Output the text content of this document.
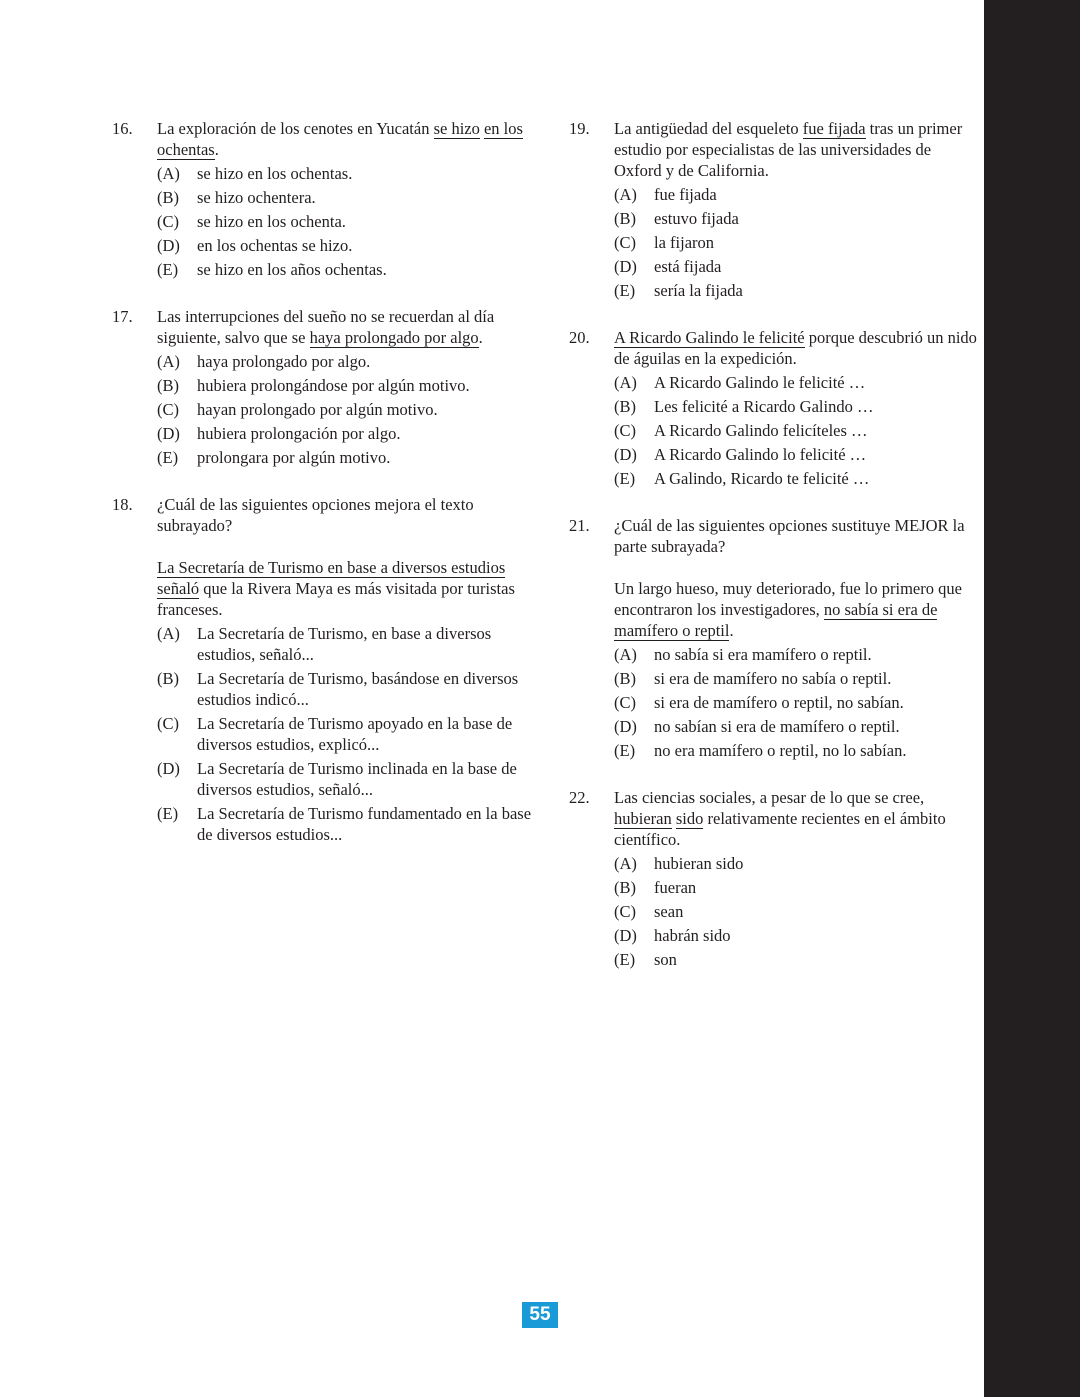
16. La exploración de los cenotes en Yucatán se hizo en los ochentas.

(A) se hizo en los ochentas.
(B) se hizo ochentera.
(C) se hizo en los ochenta.
(D) en los ochentas se hizo.
(E) se hizo en los años ochentas.
17. Las interrupciones del sueño no se recuerdan al día siguiente, salvo que se haya prolongado por algo.

(A) haya prolongado por algo.
(B) hubiera prolongándose por algún motivo.
(C) hayan prolongado por algún motivo.
(D) hubiera prolongación por algo.
(E) prolongara por algún motivo.
18. ¿Cuál de las siguientes opciones mejora el texto subrayado?

La Secretaría de Turismo en base a diversos estudios señaló que la Rivera Maya es más visitada por turistas franceses.

(A) La Secretaría de Turismo, en base a diversos estudios, señaló...
(B) La Secretaría de Turismo, basándose en diversos estudios indicó...
(C) La Secretaría de Turismo apoyado en la base de diversos estudios, explicó...
(D) La Secretaría de Turismo inclinada en la base de diversos estudios, señaló...
(E) La Secretaría de Turismo fundamentado en la base de diversos estudios...
19. La antigüedad del esqueleto fue fijada tras un primer estudio por especialistas de las universidades de Oxford y de California.

(A) fue fijada
(B) estuvo fijada
(C) la fijaron
(D) está fijada
(E) sería la fijada
20. A Ricardo Galindo le felicité porque descubrió un nido de águilas en la expedición.

(A) A Ricardo Galindo le felicité …
(B) Les felicité a Ricardo Galindo …
(C) A Ricardo Galindo felicíteles …
(D) A Ricardo Galindo lo felicité …
(E) A Galindo, Ricardo te felicité …
21. ¿Cuál de las siguientes opciones sustituye MEJOR la parte subrayada?

Un largo hueso, muy deteriorado, fue lo primero que encontraron los investigadores, no sabía si era de mamífero o reptil.

(A) no sabía si era mamífero o reptil.
(B) si era de mamífero no sabía o reptil.
(C) si era de mamífero o reptil, no sabían.
(D) no sabían si era de mamífero o reptil.
(E) no era mamífero o reptil, no lo sabían.
22. Las ciencias sociales, a pesar de lo que se cree, hubieran sido relativamente recientes en el ámbito científico.

(A) hubieran sido
(B) fueran
(C) sean
(D) habrán sido
(E) son
55
